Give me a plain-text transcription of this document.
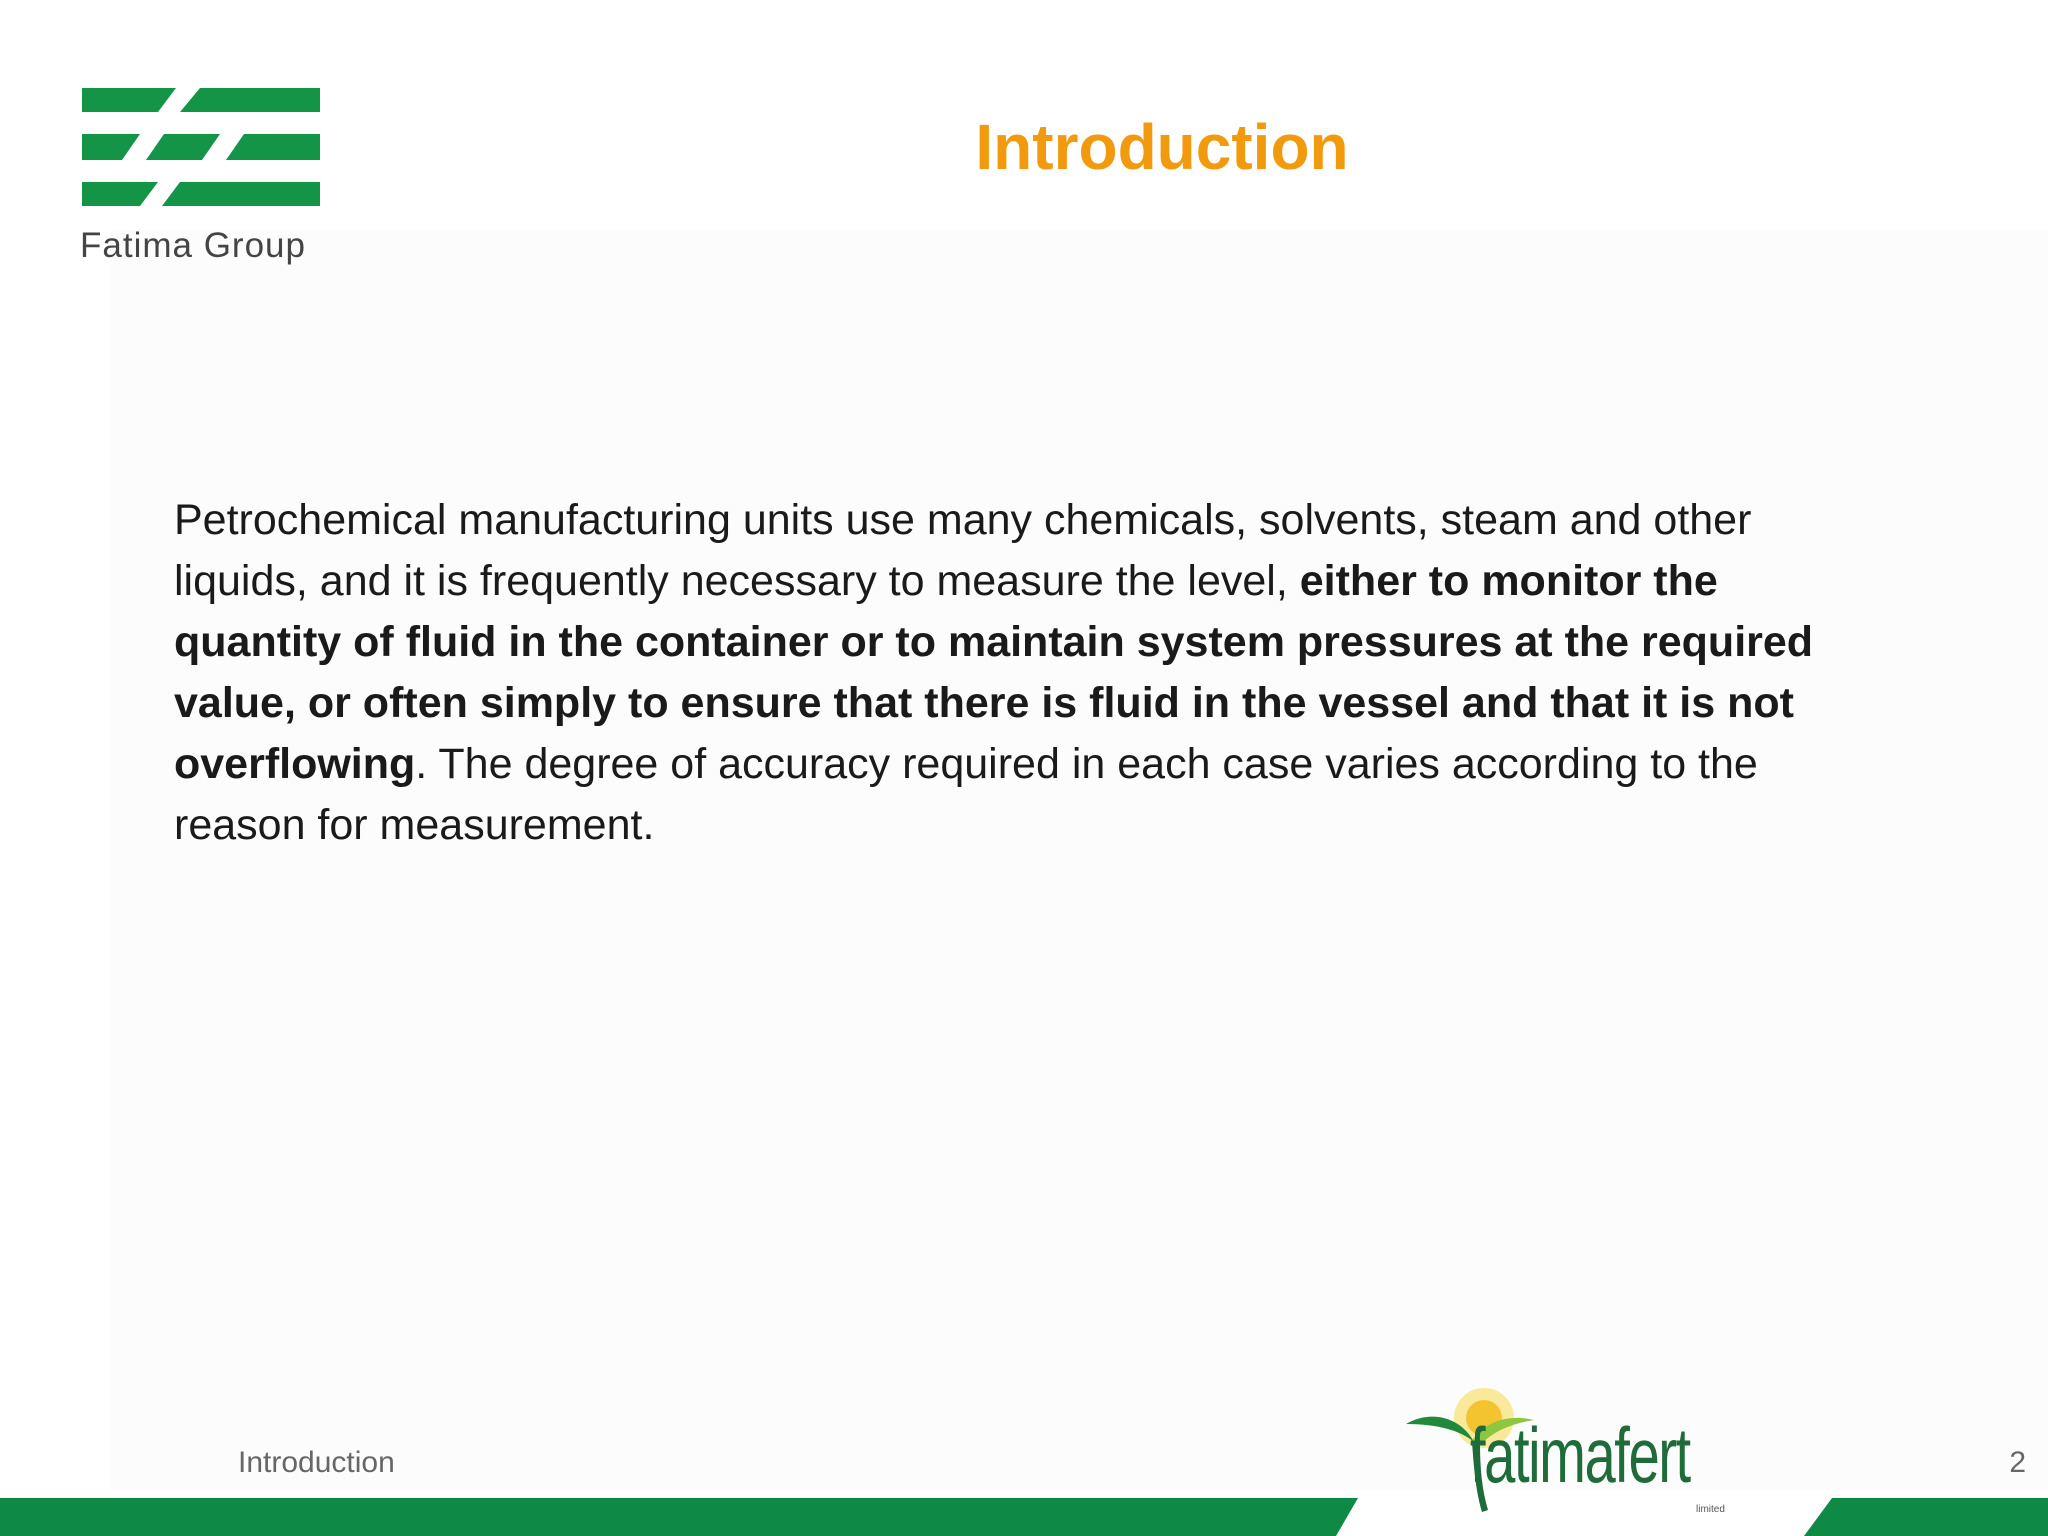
Fatima Group
Introduction
Petrochemical manufacturing units use many chemicals, solvents, steam and other liquids, and it is frequently necessary to measure the level, either to monitor the quantity of fluid in the container or to maintain system pressures at the required value, or often simply to ensure that there is fluid in the vessel and that it is not overflowing. The degree of accuracy required in each case varies according to the reason for measurement.
fatimafert
limited
Introduction	2
